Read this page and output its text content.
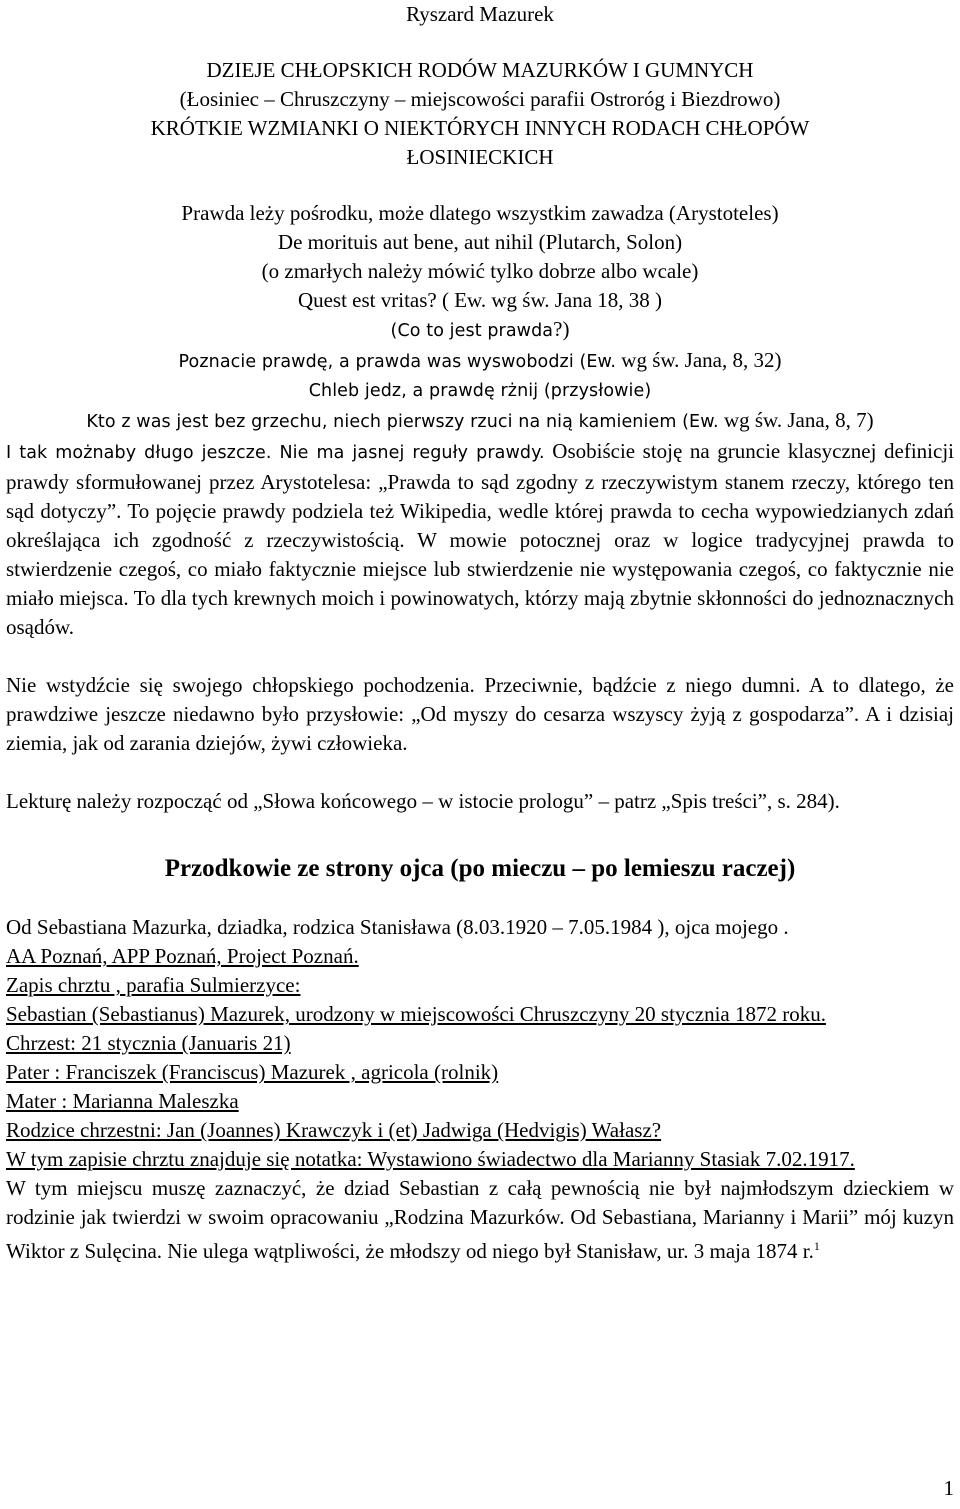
Ryszard Mazurek
DZIEJE CHŁOPSKICH RODÓW MAZURKÓW I GUMNYCH
(Łosiniec – Chruszczyny – miejscowości parafii Ostroróg i Biezdrowo)
KRÓTKIE WZMIANKI O NIEKTÓRYCH INNYCH RODACH CHŁOPÓW
ŁOSINIECKICH
Prawda leży pośrodku, może dlatego wszystkim zawadza (Arystoteles)
De morituis aut bene, aut nihil (Plutarch, Solon)
(o zmarłych należy mówić tylko dobrze albo wcale)
Quest est vritas? ( Ew. wg św. Jana 18, 38 )
(Co to jest prawda?)
Poznacie prawdę, a prawda was wyswobodzi (Ew. wg św. Jana, 8, 32)
Chleb jedz, a prawdę rżnij (przysłowie)
Kto z was jest bez grzechu, niech pierwszy rzuci na nią kamieniem (Ew. wg św. Jana, 8, 7)

I tak możnaby długo jeszcze. Nie ma jasnej reguły prawdy. Osobiście stoję na gruncie klasycznej definicji prawdy sformułowanej przez Arystotelesa: „Prawda to sąd zgodny z rzeczywistym stanem rzeczy, którego ten sąd dotyczy”. To pojęcie prawdy podziela też Wikipedia, wedle której prawda to cecha wypowiedzianych zdań określająca ich zgodność z rzeczywistością. W mowie potocznej oraz w logice tradycyjnej prawda to stwierdzenie czegoś, co miało faktycznie miejsce lub stwierdzenie nie występowania czegoś, co faktycznie nie miało miejsca. To dla tych krewnych moich i powinowatych, którzy mają zbytnie skłonności do jednoznacznych osądów.

Nie wstydźcie się swojego chłopskiego pochodzenia. Przeciwnie, bądźcie z niego dumni. A to dlatego, że prawdziwe jeszcze niedawno było przysłowie: „Od myszy do cesarza wszyscy żyją z gospodarza”. A i dzisiaj ziemia, jak od zarania dziejów, żywi człowieka.

Lekturę należy rozpocząć od „Słowa końcowego – w istocie prologu” – patrz „Spis treści”, s. 284).

Przodkowie ze strony ojca (po mieczu – po lemieszu raczej)

Od Sebastiana Mazurka, dziadka, rodzica Stanisława (8.03.1920 – 7.05.1984 ), ojca mojego .

AA Poznań, APP Poznań, Project Poznań.

Zapis chrztu , parafia Sulmierzyce:

Sebastian (Sebastianus) Mazurek, urodzony w miejscowości Chruszczyny 20 stycznia 1872 roku.

Chrzest: 21 stycznia (Januaris 21)

Pater : Franciszek (Franciscus) Mazurek , agricola (rolnik)

Mater : Marianna Maleszka

Rodzice chrzestni: Jan (Joannes) Krawczyk i (et) Jadwiga (Hedvigis) Wałasz?

W tym zapisie chrztu znajduje się notatka: Wystawiono świadectwo dla Marianny Stasiak 7.02.1917.

W tym miejscu muszę zaznaczyć, że dziad Sebastian z całą pewnością nie był najmłodszym dzieckiem w rodzinie jak twierdzi w swoim opracowaniu „Rodzina Mazurków. Od Sebastiana, Marianny i Marii” mój kuzyn Wiktor z Sulęcina. Nie ulega wątpliwości, że młodszy od niego był Stanisław, ur. 3 maja 1874 r.$^1$

1
